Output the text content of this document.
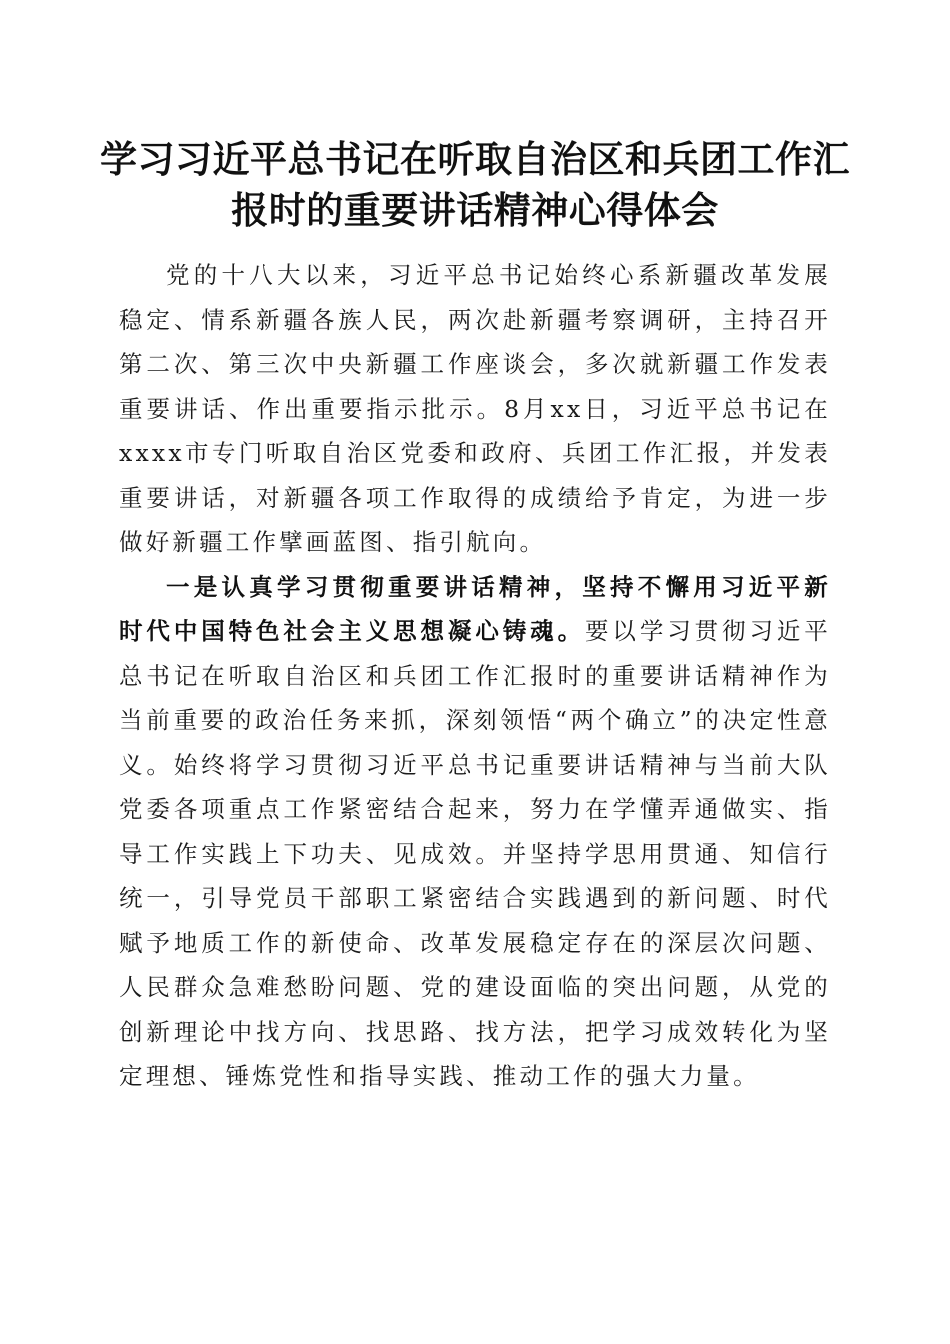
学习习近平总书记在听取自治区和兵团工作汇报时的重要讲话精神心得体会

党的十八大以来，习近平总书记始终心系新疆改革发展稳定、情系新疆各族人民，两次赴新疆考察调研，主持召开第二次、第三次中央新疆工作座谈会，多次就新疆工作发表重要讲话、作出重要指示批示。8月xx日，习近平总书记在xxxx市专门听取自治区党委和政府、兵团工作汇报，并发表重要讲话，对新疆各项工作取得的成绩给予肯定，为进一步做好新疆工作擘画蓝图、指引航向。

一是认真学习贯彻重要讲话精神，坚持不懈用习近平新时代中国特色社会主义思想凝心铸魂。要以学习贯彻习近平总书记在听取自治区和兵团工作汇报时的重要讲话精神作为当前重要的政治任务来抓，深刻领悟“两个确立”的决定性意义。始终将学习贯彻习近平总书记重要讲话精神与当前大队党委各项重点工作紧密结合起来，努力在学懂弄通做实、指导工作实践上下功夫、见成效。并坚持学思用贯通、知信行统一，引导党员干部职工紧密结合实践遇到的新问题、时代赋予地质工作的新使命、改革发展稳定存在的深层次问题、人民群众急难愁盼问题、党的建设面临的突出问题，从党的创新理论中找方向、找思路、找方法，把学习成效转化为坚定理想、锤炼党性和指导实践、推动工作的强大力量。
